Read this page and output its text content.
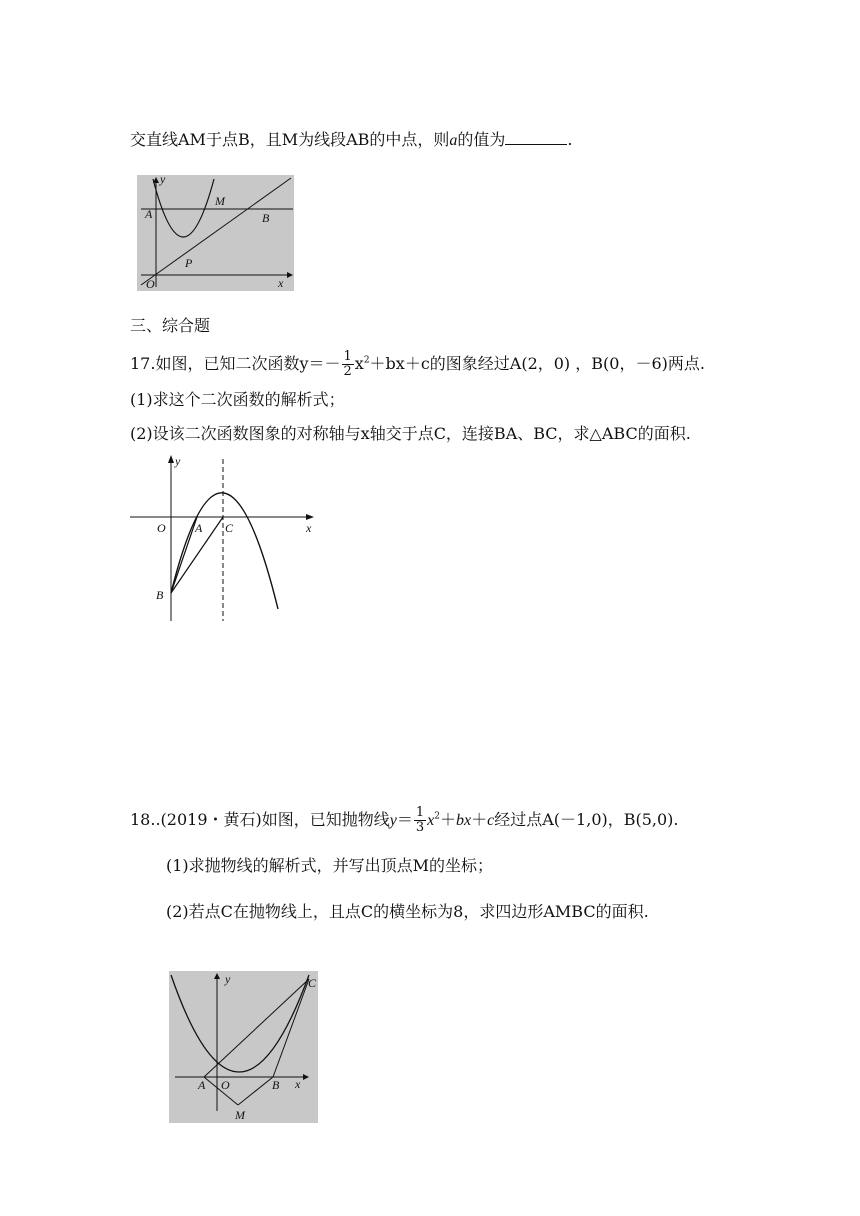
交直线AM于点B，且M为线段AB的中点，则a的值为	.
y
A
M
B
P
O	x
三、综合题
17.如图，已知二次函数$y=- \frac{1}{2} x^2+bx+c$的图象经过A(2，0) ，B(0，－6)两点.
(1)求这个二次函数的解析式；
(2)设该二次函数图象的对称轴与x轴交于点C，连接BA、BC，求△ABC的面积.
y
O A C	x
B
18..(2019・黄石)如图，已知抛物线$y= \frac{1}{3} x^2+bx+c$经过点A(－1,0)，B(5,0).
(1)求抛物线的解析式，并写出顶点M的坐标；
(2)若点C在抛物线上，且点C的横坐标为8，求四边形AMBC的面积.
y	C
A O	B x
M
